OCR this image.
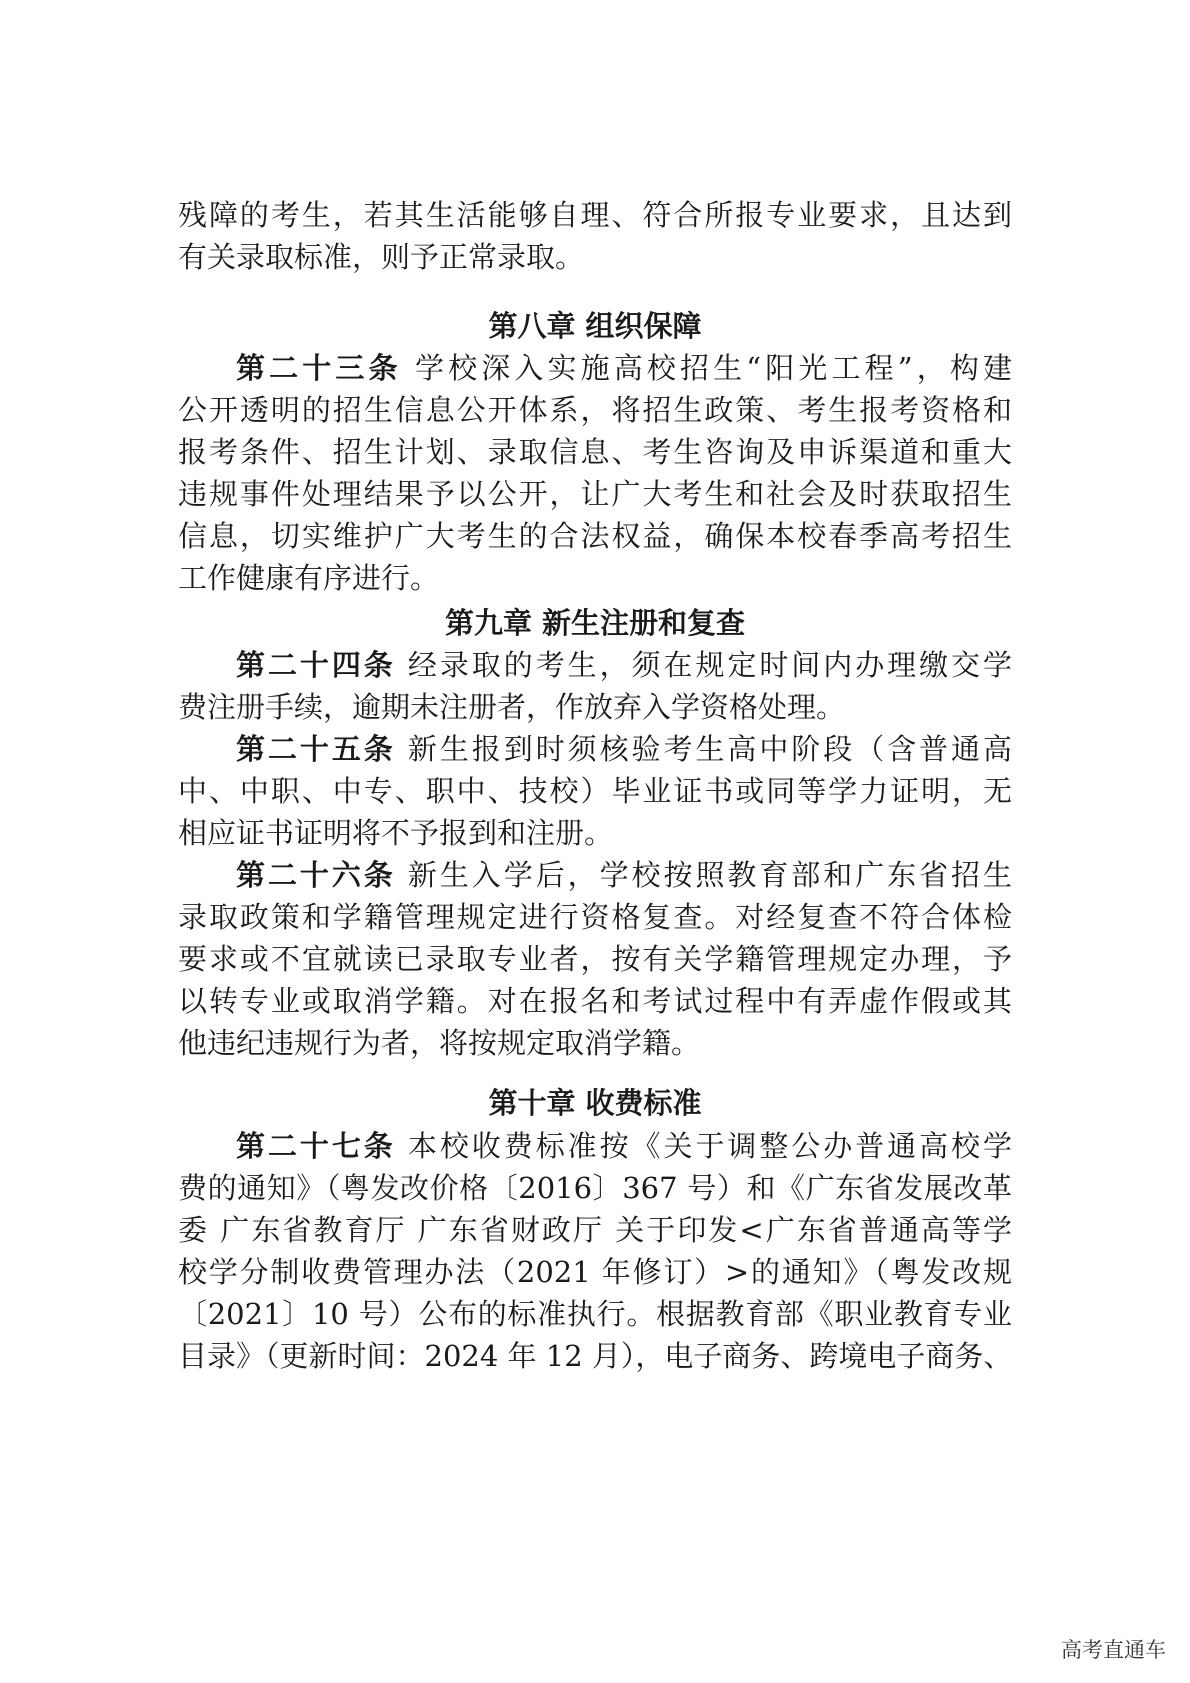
残障的考生，若其生活能够自理、符合所报专业要求，且达到
有关录取标准，则予正常录取。
第八章 组织保障
第二十三条 学校深入实施高校招生“阳光工程”，构建
公开透明的招生信息公开体系，将招生政策、考生报考资格和
报考条件、招生计划、录取信息、考生咨询及申诉渠道和重大
违规事件处理结果予以公开，让广大考生和社会及时获取招生
信息，切实维护广大考生的合法权益，确保本校春季高考招生
工作健康有序进行。
第九章 新生注册和复查
第二十四条 经录取的考生，须在规定时间内办理缴交学
费注册手续，逾期未注册者，作放弃入学资格处理。
第二十五条 新生报到时须核验考生高中阶段（含普通高
中、中职、中专、职中、技校）毕业证书或同等学力证明，无
相应证书证明将不予报到和注册。
第二十六条 新生入学后，学校按照教育部和广东省招生
录取政策和学籍管理规定进行资格复查。对经复查不符合体检
要求或不宜就读已录取专业者，按有关学籍管理规定办理，予
以转专业或取消学籍。对在报名和考试过程中有弄虚作假或其
他违纪违规行为者，将按规定取消学籍。
第十章 收费标准
第二十七条 本校收费标准按《关于调整公办普通高校学
费的通知》（粤发改价格〔2016〕367 号）和《广东省发展改革
委 广东省教育厅 广东省财政厅 关于印发<广东省普通高等学
校学分制收费管理办法（2021 年修订）>的通知》（粤发改规
〔2021〕10 号）公布的标准执行。根据教育部《职业教育专业
目录》（更新时间：2024 年 12 月），电子商务、跨境电子商务、
高考直通车
